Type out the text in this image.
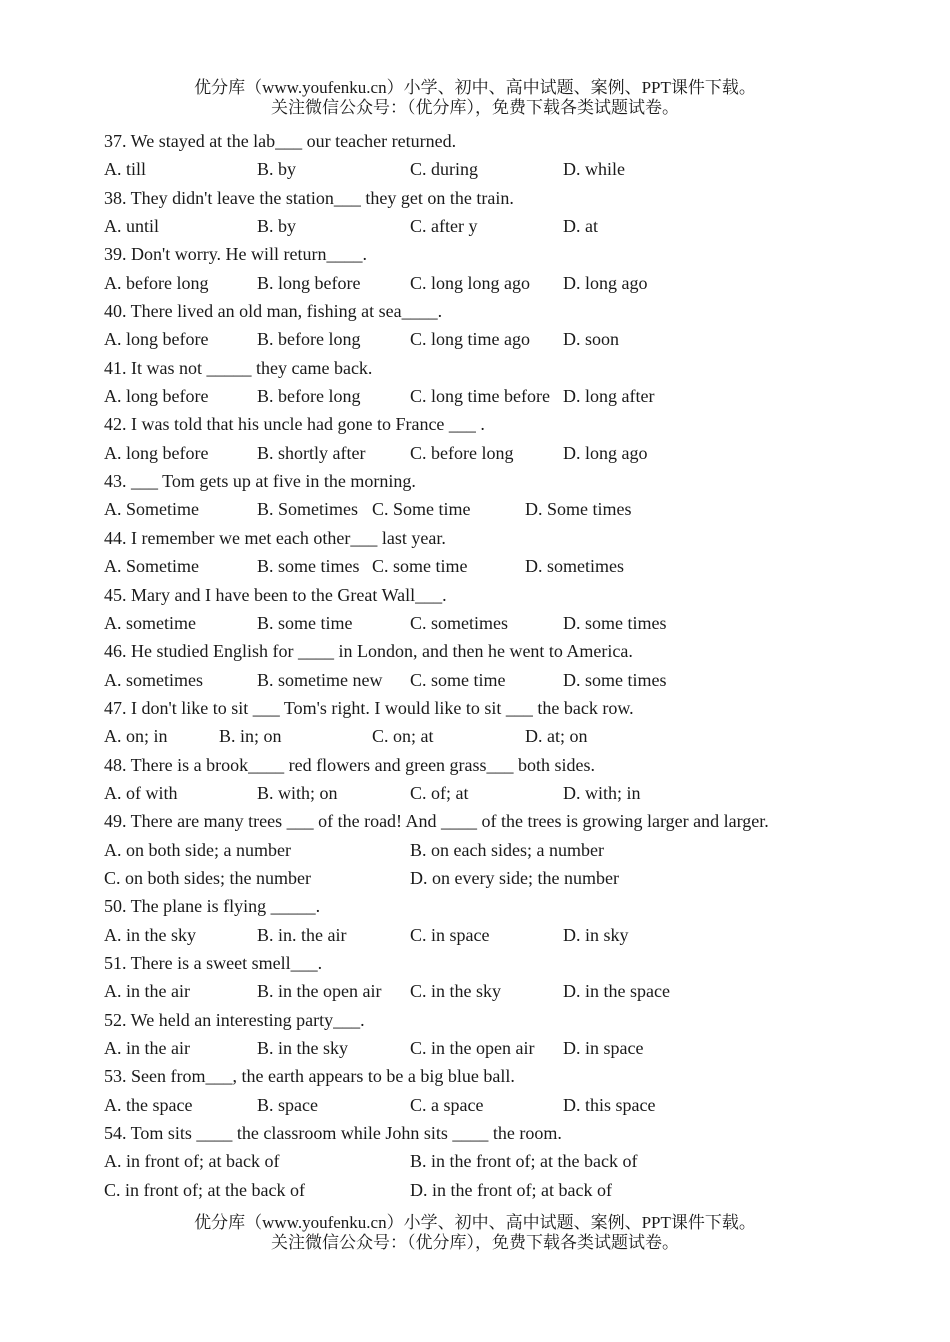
优分库（www.youfenku.cn）小学、初中、高中试题、案例、PPT课件下载。
关注微信公众号：（优分库），免费下载各类试题试卷。
37. We stayed at the lab___ our teacher returned.
A. till	B. by	C. during	D. while
38. They didn't leave the station___ they get on the train.
A. until	B. by	C. after y	D. at
39. Don't worry. He will return____.
A. before long	B. long before	C. long long ago D. long ago
40. There lived an old man, fishing at sea____.
A. long before	B. before long	C. long time ago D. soon
41. It was not _____ they came back.
A. long before	B. before long	C. long time before D. long after
42. I was told that his uncle had gone to France ___ .
A. long before	B. shortly after C. before long	D. long ago
43. ___ Tom gets up at five in the morning.
A. Sometime	B. Sometimes C. Some time	D. Some times
44. I remember we met each other___ last year.
A. Sometime	B. some times C. some time	D. sometimes
45. Mary and I have been to the Great Wall___.
A. sometime	B. some time	C. sometimes	D. some times
46. He studied English for ____ in London, and then he went to America.
A. sometimes	B. sometime new C. some time	D. some times
47. I don't like to sit ___ Tom's right. I would like to sit ___ the back row.
A. on; in	B. in; on	C. on; at	D. at; on
48. There is a brook____ red flowers and green grass___ both sides.
A. of with	B. with; on	C. of; at	D. with; in
49. There are many trees ___ of the road! And ____ of the trees is growing larger and larger.
A. on both side; a number	B. on each sides; a number
C. on both sides; the number	D. on every side; the number
50. The plane is flying _____.
A. in the sky	B. in. the air	C. in space	D. in sky
51. There is a sweet smell___.
A. in the air	B. in the open air C. in the sky	D. in the space
52. We held an interesting party___.
A. in the air	B. in the sky	C. in the open air D. in space
53. Seen from___, the earth appears to be a big blue ball.
A. the space	B. space	C. a space	D. this space
54. Tom sits ____ the classroom while John sits ____ the room.
A. in front of; at back of	B. in the front of; at the back of
C. in front of; at the back of	D. in the front of; at back of
优分库（www.youfenku.cn）小学、初中、高中试题、案例、PPT课件下载。
关注微信公众号：（优分库），免费下载各类试题试卷。
